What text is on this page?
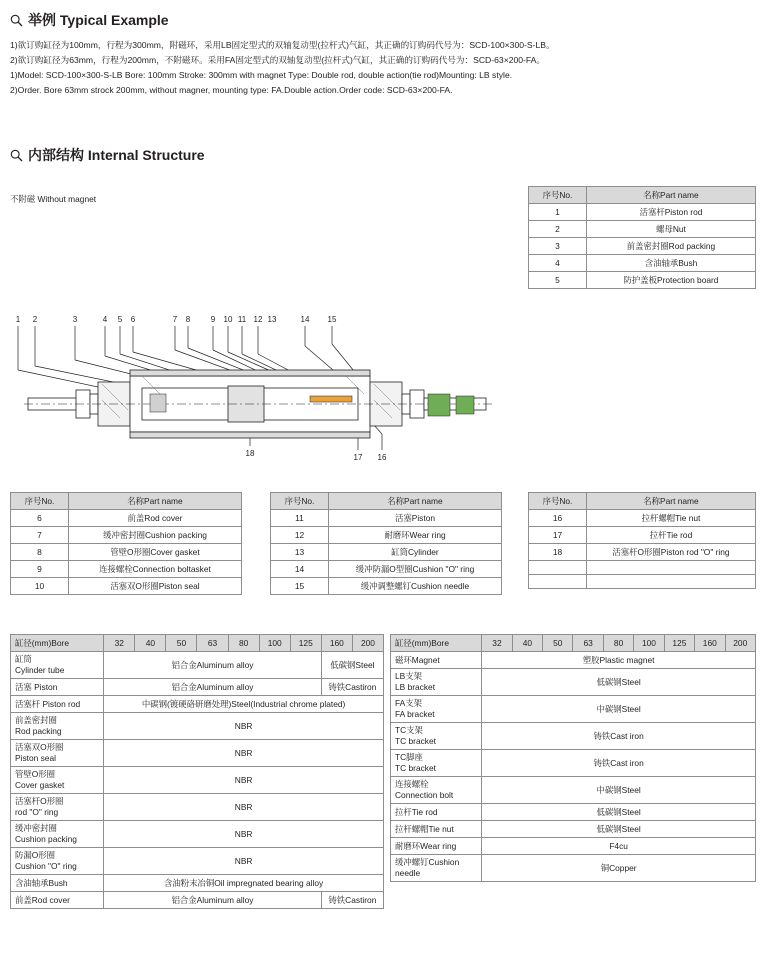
举例 Typical Example
1)欲订购缸径为100mm，行程为300mm，附磁环，采用LB固定型式的双轴复动型(拉杆式)气缸，其正确的订购码代号为：SCD-100×300-S-LB。
2)欲订购缸径为63mm，行程为200mm，不附磁环。采用FA固定型式的双轴复动型(拉杆式)气缸，其正确的订购码代号为：SCD-63×200-FA。
1)Model: SCD-100×300-S-LB Bore: 100mm Stroke: 300mm with magnet Type: Double rod, double action(tie rod)Mounting: LB style.
2)Order. Bore 63mm strock 200mm, without magner, mounting type: FA.Double action.Order code: SCD-63×200-FA.
内部结构 Internal Structure
不附磁 Without magnet	序号No.	名称Part name
1	活塞杆Piston rod
2	螺母Nut
3	前盖密封圈Rod packing
4	含油轴承Bush
5	防护盖板Protection board
1 2	3	4 5 6	7 8	9 10 11 12 13	14 15
18	17 16
序号No.	名称Part name
6	前盖Rod cover
7	缓冲密封圈Cushion packing
8	管壁O形圈Cover gasket
9	连接螺栓Connection boltasket
10	活塞双O形圈Piston seal
序号No.	名称Part name
11	活塞Piston
12	耐磨环Wear ring
13	缸筒Cylinder
14	缓冲防漏O型圈Cushion "O" ring
15	缓冲调整螺钉Cushion needle
序号No.	名称Part name
16	拉杆螺帽Tie nut
17	拉杆Tie rod
18	活塞杆O形圈Piston rod "O" ring

缸径(mm)Bore	32	40	50	63	80	100	125	160	200
缸筒
Cylinder tube	铝合金Aluminum alloy							低碳钢Steel	
活塞 Piston	铝合金Aluminum alloy							铸铁Castiron	
活塞杆 Piston rod	中碳钢(镀硬硌研磨处理)Steel(Industrial chrome plated)								
前盖密封圈
Rod packing	NBR								
活塞双O形圈
Piston seal	NBR								
管壁O形圈
Cover gasket	NBR								
活塞杆O形圈
rod "O" ring	NBR								
缓冲密封圈
Cushion packing	NBR								
防漏O形圈
Cushion "O" ring	NBR								
含油轴承Bush	含油粉末冶铜Oil impregnated bearing alloy								
前盖Rod cover	铝合金Aluminum alloy							铸铁Castiron	
缸径(mm)Bore	32	40	50	63	80	100	125	160	200
磁环Magnet	塑胶Plastic magnet								
LB支架
LB bracket	低碳钢Steel								
FA支架
FA bracket	中碳钢Steel								
TC支架
TC bracket	铸铁Cast iron								
TC脚座
TC bracket	铸铁Cast iron								
连接螺栓
Connection bolt	中碳钢Steel								
拉杆Tie rod	低碳钢Steel								
拉杆螺帽Tie nut	低碳钢Steel								
耐磨环Wear ring	F4cu								
缓冲螺钉Cushion needle	铜Copper								
